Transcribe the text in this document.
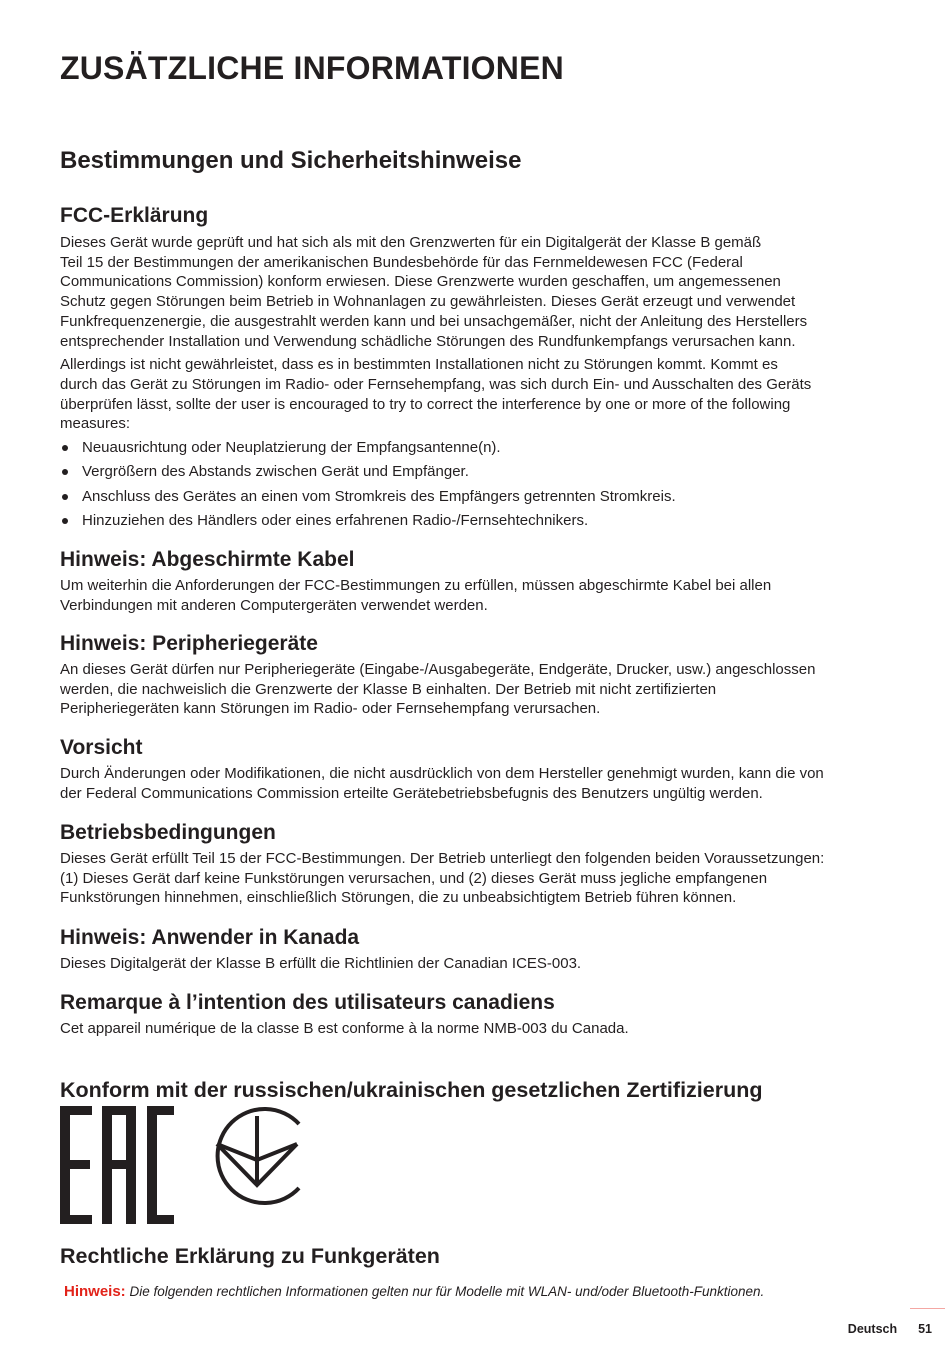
ZUSÄTZLICHE INFORMATIONEN
Bestimmungen und Sicherheitshinweise
FCC-Erklärung
Dieses Gerät wurde geprüft und hat sich als mit den Grenzwerten für ein Digitalgerät der Klasse B gemäß
Teil 15 der Bestimmungen der amerikanischen Bundesbehörde für das Fernmeldewesen FCC (Federal
Communications Commission) konform erwiesen. Diese Grenzwerte wurden geschaffen, um angemessenen
Schutz gegen Störungen beim Betrieb in Wohnanlagen zu gewährleisten. Dieses Gerät erzeugt und verwendet
Funkfrequenzenergie, die ausgestrahlt werden kann und bei unsachgemäßer, nicht der Anleitung des Herstellers
entsprechender Installation und Verwendung schädliche Störungen des Rundfunkempfangs verursachen kann.
Allerdings ist nicht gewährleistet, dass es in bestimmten Installationen nicht zu Störungen kommt. Kommt es
durch das Gerät zu Störungen im Radio- oder Fernsehempfang, was sich durch Ein- und Ausschalten des Geräts
überprüfen lässt, sollte der user is encouraged to try to correct the interference by one or more of the following
measures:
Neuausrichtung oder Neuplatzierung der Empfangsantenne(n).
Vergrößern des Abstands zwischen Gerät und Empfänger.
Anschluss des Gerätes an einen vom Stromkreis des Empfängers getrennten Stromkreis.
Hinzuziehen des Händlers oder eines erfahrenen Radio-/Fernsehtechnikers.
Hinweis: Abgeschirmte Kabel
Um weiterhin die Anforderungen der FCC-Bestimmungen zu erfüllen, müssen abgeschirmte Kabel bei allen
Verbindungen mit anderen Computergeräten verwendet werden.
Hinweis: Peripheriegeräte
An dieses Gerät dürfen nur Peripheriegeräte (Eingabe-/Ausgabegeräte, Endgeräte, Drucker, usw.) angeschlossen
werden, die nachweislich die Grenzwerte der Klasse B einhalten. Der Betrieb mit nicht zertifizierten
Peripheriegeräten kann Störungen im Radio- oder Fernsehempfang verursachen.
Vorsicht
Durch Änderungen oder Modifikationen, die nicht ausdrücklich von dem Hersteller genehmigt wurden, kann die von
der Federal Communications Commission erteilte Gerätebetriebsbefugnis des Benutzers ungültig werden.
Betriebsbedingungen
Dieses Gerät erfüllt Teil 15 der FCC-Bestimmungen. Der Betrieb unterliegt den folgenden beiden Voraussetzungen:
(1) Dieses Gerät darf keine Funkstörungen verursachen, und (2) dieses Gerät muss jegliche empfangenen
Funkstörungen hinnehmen, einschließlich Störungen, die zu unbeabsichtigtem Betrieb führen können.
Hinweis: Anwender in Kanada
Dieses Digitalgerät der Klasse B erfüllt die Richtlinien der Canadian ICES-003.
Remarque à l’intention des utilisateurs canadiens
Cet appareil numérique de la classe B est conforme à la norme NMB-003 du Canada.
Konform mit der russischen/ukrainischen gesetzlichen Zertifizierung
Rechtliche Erklärung zu Funkgeräten
Hinweis: Die folgenden rechtlichen Informationen gelten nur für Modelle mit WLAN- und/oder Bluetooth-Funktionen.
Deutsch 51
